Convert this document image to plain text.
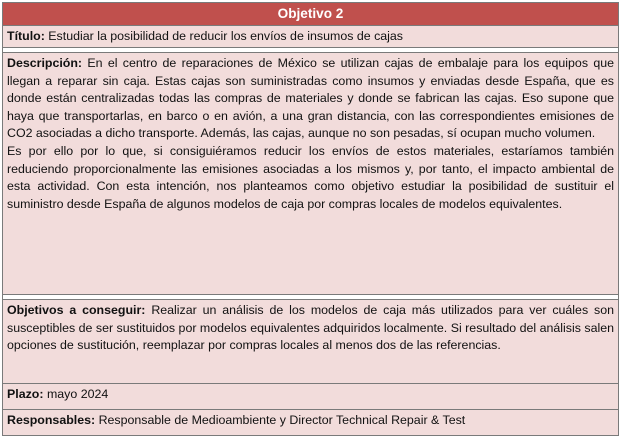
Objetivo 2
Título: Estudiar la posibilidad de reducir los envíos de insumos de cajas

Descripción: En el centro de reparaciones de México se utilizan cajas de embalaje para los equipos que llegan a reparar sin caja. Estas cajas son suministradas como insumos y enviadas desde España, que es donde están centralizadas todas las compras de materiales y donde se fabrican las cajas. Eso supone que haya que transportarlas, en barco o en avión, a una gran distancia, con las correspondientes emisiones de CO2 asociadas a dicho transporte. Además, las cajas, aunque no son pesadas, sí ocupan mucho volumen.

Es por ello por lo que, si consiguiéramos reducir los envíos de estos materiales, estaríamos también reduciendo proporcionalmente las emisiones asociadas a los mismos y, por tanto, el impacto ambiental de esta actividad. Con esta intención, nos planteamos como objetivo estudiar la posibilidad de sustituir el suministro desde España de algunos modelos de caja por compras locales de modelos equivalentes.

Objetivos a conseguir: Realizar un análisis de los modelos de caja más utilizados para ver cuáles son susceptibles de ser sustituidos por modelos equivalentes adquiridos localmente. Si resultado del análisis salen opciones de sustitución, reemplazar por compras locales al menos dos de las referencias.
Plazo: mayo 2024
Responsables: Responsable de Medioambiente y Director Technical Repair & Test
